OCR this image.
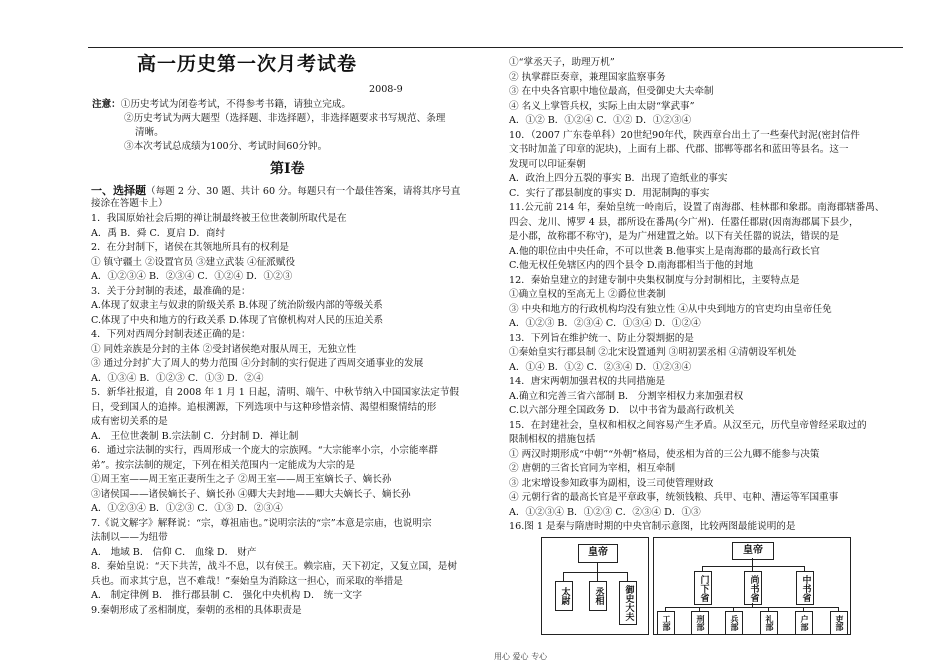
高一历史第一次月考试卷
2008-9
注意：①历史考试为闭卷考试，不得参考书籍，请独立完成。
②历史考试为两大题型（选择题、非选择题），非选择题要求书写规范、条理
清晰。
③本次考试总成绩为100分、考试时间60分钟。
第Ⅰ卷
一、选择题（每题 2 分、30 题、共计 60 分。每题只有一个最佳答案，请将其序号直
接涂在答题卡上）
1．我国原始社会后期的禅让制最终被王位世袭制所取代是在
A．禹 B．舜 C．夏启 D．商纣
2．在分封制下，诸侯在其领地所具有的权利是
① 镇守疆土 ②设置官员 ③建立武装 ④征派赋役
A．①②③④ B．②③④ C．①②④ D．①②③
3．关于分封制的表述，最准确的是：
A.体现了奴隶主与奴隶的阶级关系 B.体现了统治阶级内部的等级关系
C.体现了中央和地方的行政关系 D.体现了官僚机构对人民的压迫关系
4．下列对西周分封制表述正确的是：
① 同姓亲族是分封的主体 ②受封诸侯绝对服从周王，无独立性
③ 通过分封扩大了周人的势力范围 ④分封制的实行促进了西周交通事业的发展
A．①③④ B．①②③ C．①③ D．②④
5．新华社报道，自 2008 年 1 月 1 日起，清明、端午、中秋节纳入中国国家法定节假
日，受到国人的追捧。追根溯源，下列选项中与这种珍惜亲情、渴望相聚情结的形
成有密切关系的是
A． 王位世袭制 B.宗法制 C．分封制 D．禅让制
6．通过宗法制的实行，西周形成一个庞大的宗族网。“大宗能率小宗，小宗能率群
弟”。按宗法制的规定，下列在相关范围内一定能成为大宗的是
①周王室——周王室正妻所生之子 ②周王室——周王室嫡长子、嫡长孙
③诸侯国——诸侯嫡长子、嫡长孙 ④卿大夫封地——卿大夫嫡长子、嫡长孙
A．①②③④ B．①②③ C．①③ D．②③④
7.《说文解字》解释说：“宗，尊祖庙也。”说明宗法的“宗”本意是宗庙，也说明宗
法制以——为纽带
A． 地域 B． 信仰 C． 血缘 D． 财产
8．秦始皇说：“天下共苦，战斗不息，以有侯王。赖宗庙，天下初定，又复立国，是树
兵也。而求其宁息，岂不难哉！”秦始皇为消除这一担心，而采取的举措是
A． 制定律例 B． 推行郡县制 C． 强化中央机构 D． 统一文字
9.秦朝形成了丞相制度，秦朝的丞相的具体职责是
①“掌丞天子，助理万机”
② 执掌群臣奏章，兼理国家监察事务
③ 在中央各官职中地位最高，但受御史大夫牵制
④ 名义上掌管兵权，实际上由太尉“掌武事”
A．①② B．①②④ C．①② D．①②③④
10．（2007 广东卷单科）20世纪90年代，陕西章台出土了一些秦代封泥(密封信件
文书时加盖了印章的泥块)，上面有上郡、代郡、邯郸等郡名和蓝田等县名。这一
发现可以印证秦朝
A．政治上四分五裂的事实 B．出现了造纸业的事实
C．实行了郡县制度的事实 D．用泥制陶的事实
11.公元前 214 年，秦始皇统一岭南后，设置了南海郡、桂林郡和象郡。南海郡辖番禺、
四会、龙川、博罗 4 县，郡所设在番禺(今广州)．任嚣任郡尉(因南海郡属下县少，
是小郡，故称郡不称守)，是为广州建置之始。以下有关任嚣的说法，错误的是
A.他的职位由中央任命，不可以世袭 B.他事实上是南海郡的最高行政长官
C.他无权任免辖区内的四个县令 D.南海郡相当于他的封地
12．秦始皇建立的封建专制中央集权制度与分封制相比，主要特点是
①确立皇权的至高无上 ②爵位世袭制
③ 中央和地方的行政机构均没有独立性 ④从中央到地方的官吏均由皇帝任免
A．①②③ B．②③④ C．①③④ D．①②④
13．下列旨在维护统一、防止分裂割据的是
①秦始皇实行郡县制 ②北宋设置通判 ③明初罢丞相 ④清朝设军机处
A．①④ B．①② C．②③④ D．①②③④
14．唐宋两朝加强君权的共同措施是
A.确立和完善三省六部制 B． 分割宰相权力来加强君权
C.以六部分理全国政务 D． 以中书省为最高行政机关
15．在封建社会，皇权和相权之间容易产生矛盾。从汉至元，历代皇帝曾经采取过的
限制相权的措施包括
① 两汉时期形成“中朝”“外朝”格局，使丞相为首的三公九卿不能参与决策
② 唐朝的三省长官同为宰相，相互牵制
③ 北宋增设参知政事为副相，设三司使管理财政
④ 元朝行省的最高长官是平章政事，统领钱粮、兵甲、屯种、漕运等军国重事
A．①②③④ B．①②③ C．②③④ D．①③
16.图 1 是秦与隋唐时期的中央官制示意图，比较两图最能说明的是
皇帝
太尉	丞相	御史大夫
皇帝
门下省	尚书省	中书省
工部	刑部	兵部	礼部	户部	吏部
用心 爱心 专心
